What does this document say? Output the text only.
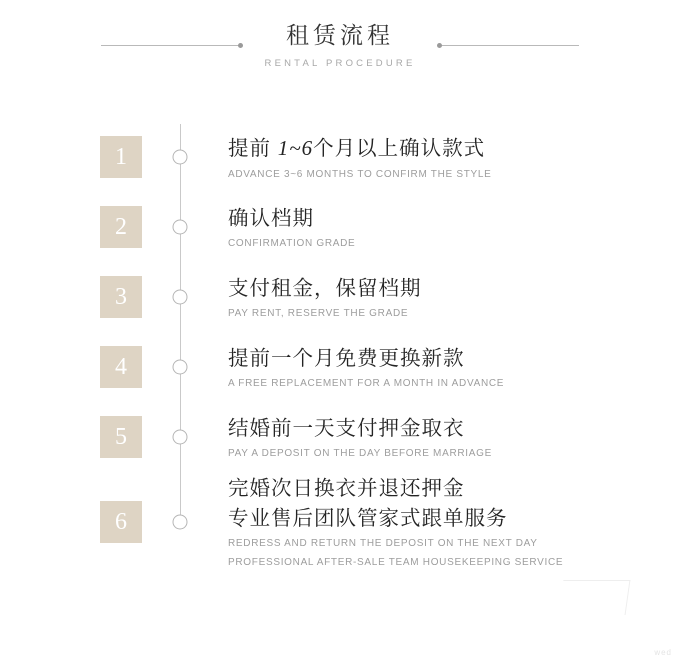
租赁流程
RENTAL PROCEDURE
1	提前 1~6个月以上确认款式
ADVANCE 3~6 MONTHS TO CONFIRM THE STYLE
2	确认档期
CONFIRMATION GRADE
3	支付租金，保留档期
PAY RENT, RESERVE THE GRADE
4	提前一个月免费更换新款
A FREE REPLACEMENT FOR A MONTH IN ADVANCE
5	结婚前一天支付押金取衣
PAY A DEPOSIT ON THE DAY BEFORE MARRIAGE
6
完婚次日换衣并退还押金
专业售后团队管家式跟单服务
REDRESS AND RETURN THE DEPOSIT ON THE NEXT DAY
PROFESSIONAL AFTER-SALE TEAM HOUSEKEEPING SERVICE
wed
